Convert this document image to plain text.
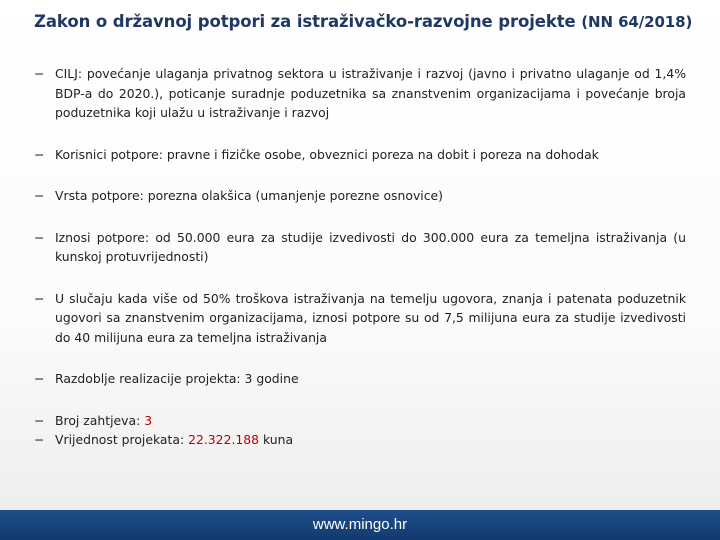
Zakon o državnoj potpori za istraživačko-razvojne projekte (NN 64/2018)
− CILJ: povećanje ulaganja privatnog sektora u istraživanje i razvoj (javno i privatno ulaganje od 1,4% BDP-a do 2020.), poticanje suradnje poduzetnika sa znanstvenim organizacijama i povećanje broja poduzetnika koji ulažu u istraživanje i razvoj
− Korisnici potpore: pravne i fizičke osobe, obveznici poreza na dobit i poreza na dohodak
− Vrsta potpore: porezna olakšica (umanjenje porezne osnovice)
− Iznosi potpore: od 50.000 eura za studije izvedivosti do 300.000 eura za temeljna istraživanja (u kunskoj protuvrijednosti)
− U slučaju kada više od 50% troškova istraživanja na temelju ugovora, znanja i patenata poduzetnik ugovori sa znanstvenim organizacijama, iznosi potpore su od 7,5 milijuna eura za studije izvedivosti do 40 milijuna eura za temeljna istraživanja
− Razdoblje realizacije projekta: 3 godine
− Broj zahtjeva: 3
− Vrijednost projekata: 22.322.188 kuna
www.mingo.hr
